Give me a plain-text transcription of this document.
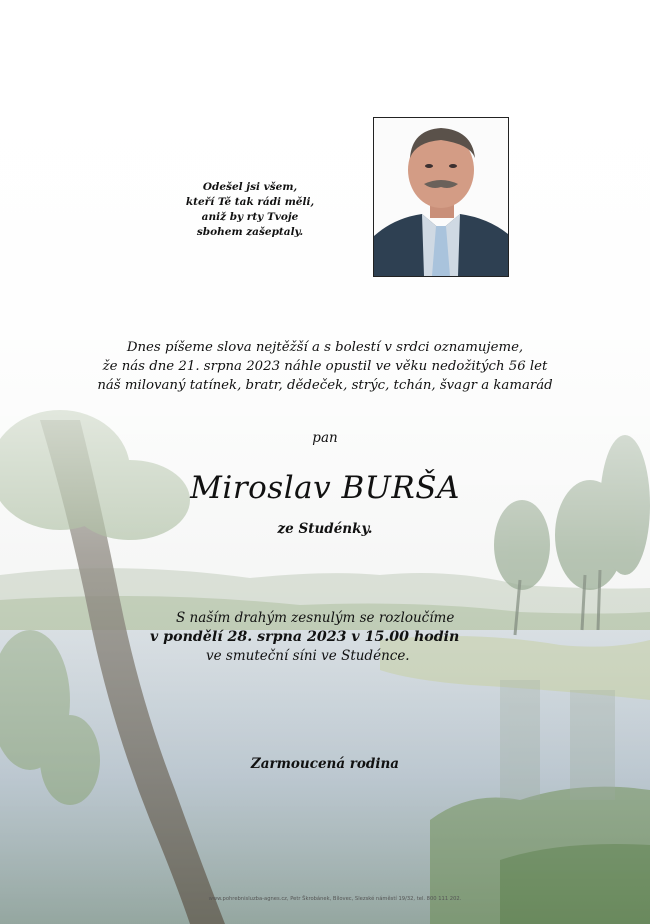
Odešel jsi všem,
kteří Tě tak rádi měli,
aniž by rty Tvoje
sbohem zašeptaly.
Dnes píšeme slova nejtěžší a s bolestí v srdci oznamujeme,
že nás dne 21. srpna 2023 náhle opustil ve věku nedožitých 56 let
náš milovaný tatínek, bratr, dědeček, strýc, tchán, švagr a kamarád
pan
Miroslav BURŠA
ze Studénky.
S naším drahým zesnulým se rozloučíme
v pondělí 28. srpna 2023 v 15.00 hodin
ve smuteční síni ve Studénce.
Zarmoucená rodina
www.pohrebnisluzba-agnes.cz, Petr Škrobánek, Bílovec, Slezské náměstí 19/32, tel. 800 111 202.
